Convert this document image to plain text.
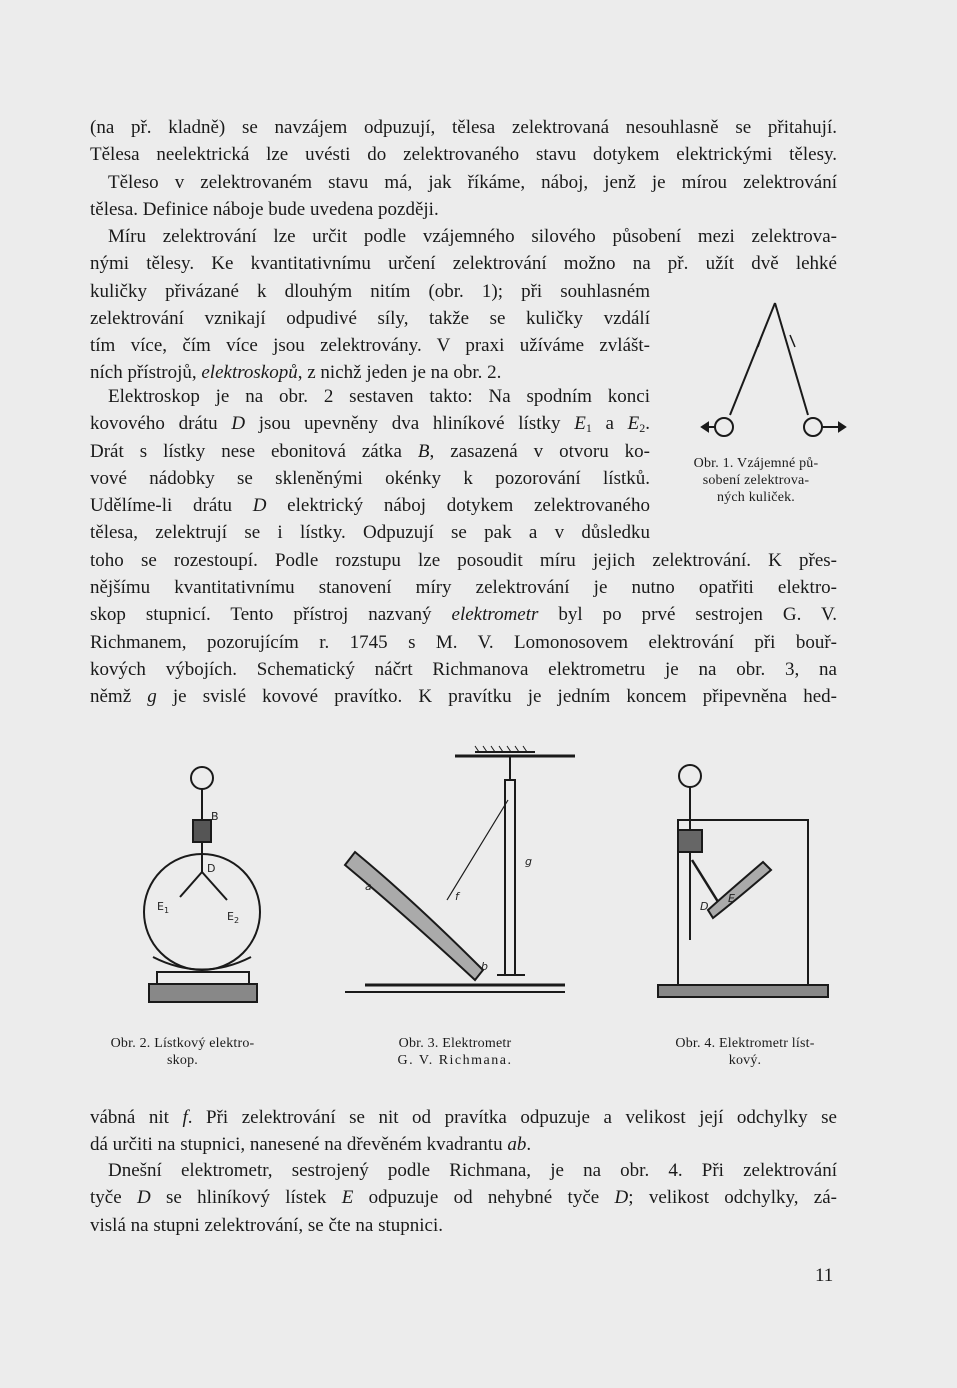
(na př. kladně) se navzájem odpuzují, tělesa zelektrovaná nesouhlasně se přitahují.
Tělesa neelektrická lze uvésti do zelektrovaného stavu dotykem elektrickými tělesy.
Těleso v zelektrovaném stavu má, jak říkáme, náboj, jenž je mírou zelektrování
tělesa. Definice náboje bude uvedena později.
Míru zelektrování lze určit podle vzájemného silového působení mezi zelektrova-
nými tělesy. Ke kvantitativnímu určení zelektrování možno na př. užít dvě lehké
kuličky přivázané k dlouhým nitím (obr. 1); při souhlasném
zelektrování vznikají odpudivé síly, takže se kuličky vzdálí
tím více, čím více jsou zelektrovány. V praxi užíváme zvlášt-
ních přístrojů, elektroskopů, z nichž jeden je na obr. 2.
Elektroskop je na obr. 2 sestaven takto: Na spodním konci
kovového drátu D jsou upevněny dva hliníkové lístky $E_1$ a $E_2$.
Drát s lístky nese ebonitová zátka B, zasazená v otvoru ko-
vové nádobky se skleněnými okénky k pozorování lístků.
Udělíme-li drátu D elektrický náboj dotykem zelektrovaného
tělesa, zelektrují se i lístky. Odpuzují se pak a v důsledku
toho se rozestoupí. Podle rozstupu lze posoudit míru jejich zelektrování. K přes-
nějšímu kvantitativnímu stanovení míry zelektrování je nutno opatřiti elektro-
skop stupnicí. Tento přístroj nazvaný elektrometr byl po prvé sestrojen G. V.
Richmanem, pozorujícím r. 1745 s M. V. Lomonosovem elektrování při bouř-
kových výbojích. Schematický náčrt Richmanova elektrometru je na obr. 3, na
němž g je svislé kovové pravítko. K pravítku je jedním koncem připevněna hed-
Obr. 1. Vzájemné pů-
sobení zelektrova-
ných kuliček.
B
D
$E_1$	$E_2$
Obr. 2. Lístkový elektro-
skop.
a
b
f
g
Obr. 3. Elektrometr
G. V. Richmana.
D
E
Obr. 4. Elektrometr líst-
kový.
vábná nit f. Při zelektrování se nit od pravítka odpuzuje a velikost její odchylky se
dá určiti na stupnici, nanesené na dřevěném kvadrantu ab.
Dnešní elektrometr, sestrojený podle Richmana, je na obr. 4. Při zelektrování
tyče D se hliníkový lístek E odpuzuje od nehybné tyče D; velikost odchylky, zá-
vislá na stupni zelektrování, se čte na stupnici.
11
